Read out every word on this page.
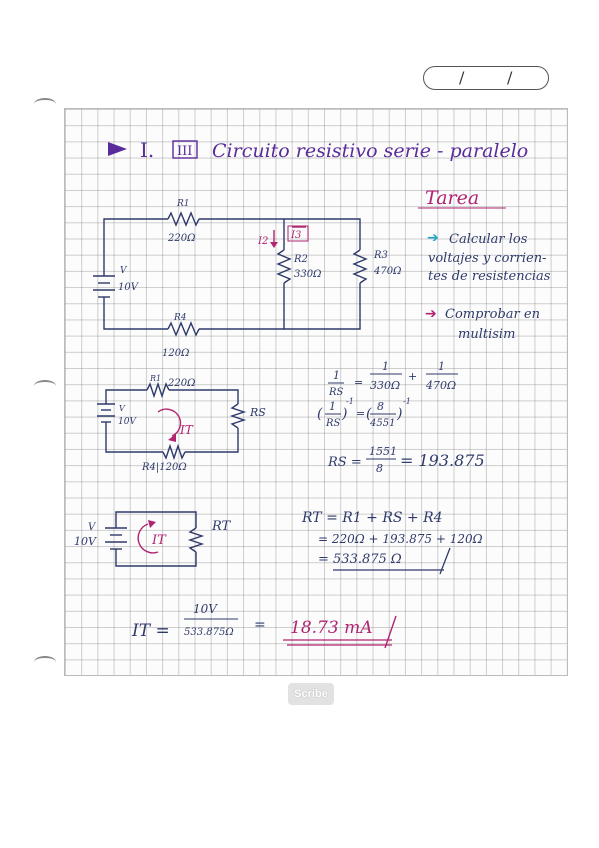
/	/
I. III Circuito resistivo serie - paralelo
Tarea
➔ Calcular los
voltajes y corrien-
tes de resistencias
➔ Comprobar en
multisim
R1
220Ω
R2
330Ω
R3
470Ω
R4
120Ω
V
10V
I2
I3
R1 220Ω
RS
R4|120Ω
V
10V
IT
V
10V
RT
IT
1
RS
=
1
330Ω
+
1
470Ω
( 1
RS
)
-1
= ( 8
4551
)
-1
RS =
1551
8 = 193.875
RT = R1 + RS + R4
= 220Ω + 193.875 + 120Ω
= 533.875 Ω
IT =
10V
533.875Ω = 18.73 mA
Scribe
